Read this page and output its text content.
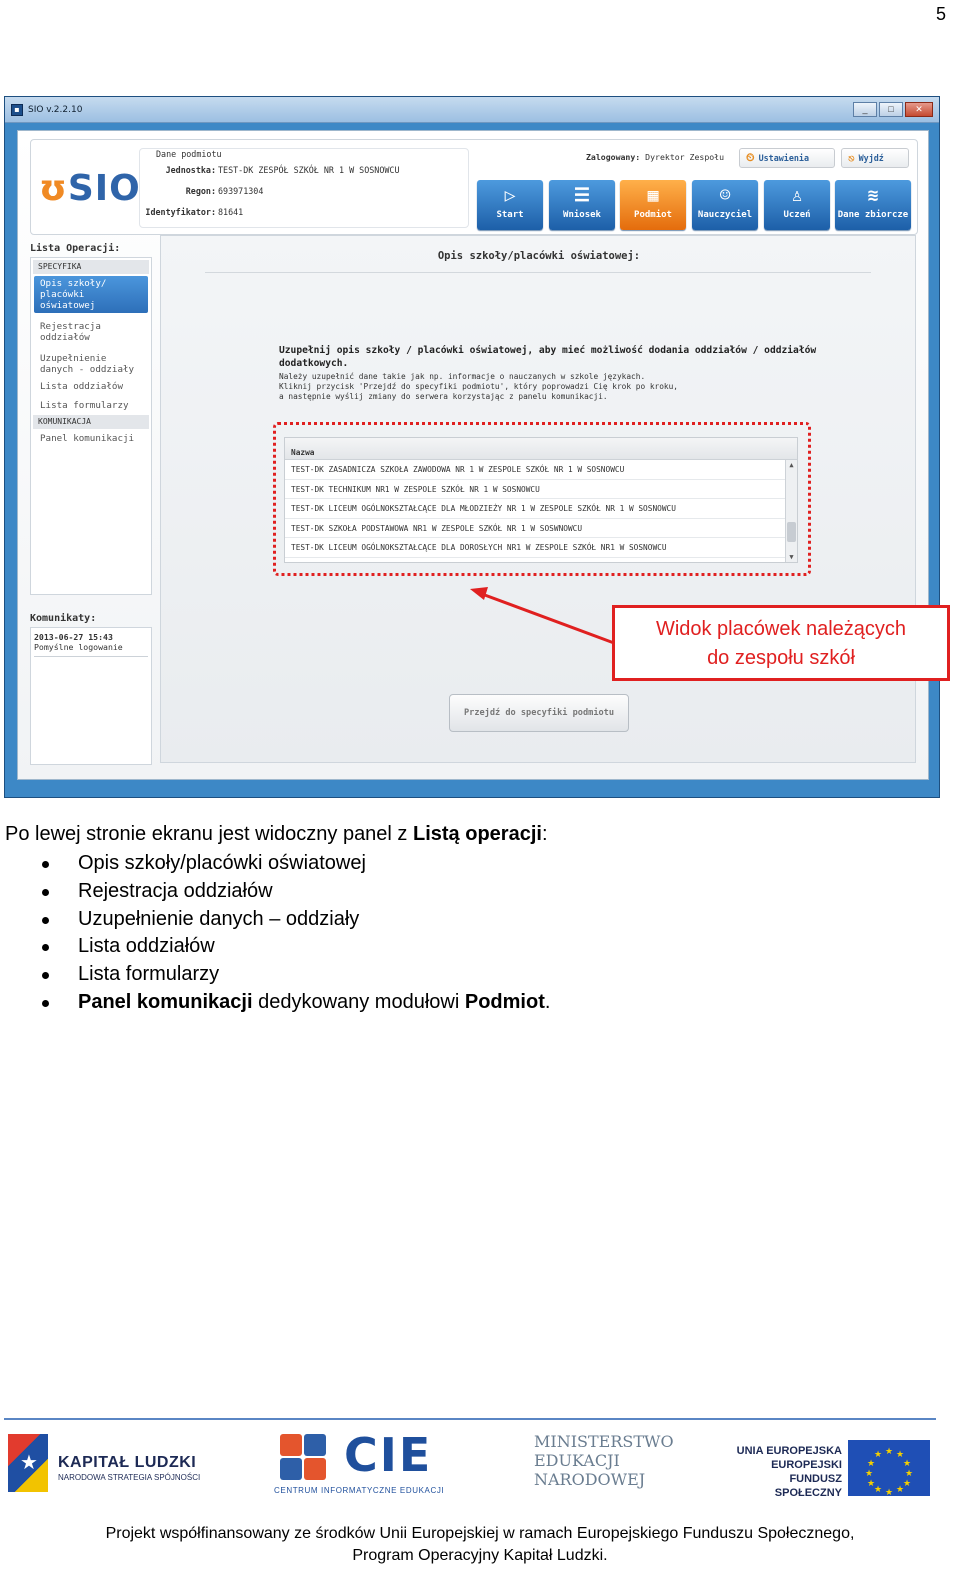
5
▪ SIO v.2.2.10	_	□	✕
ʊSIO
Dane podmiotu
Jednostka: TEST-DK ZESPÓŁ SZKÓŁ NR 1 W SOSNOWCU
Regon: 693971304
Identyfikator: 81641
Zalogowany: Dyrektor Zespołu ⏲ Ustawienia	⎋ Wyjdź
▷
Start
☰
Wniosek
▦
Podmiot
☺
Nauczyciel
♙
Uczeń
≋
Dane zbiorcze
Lista Operacji:
SPECYFIKA
Opis szkoły/ placówki oświatowej
Rejestracja oddziałów
Uzupełnienie danych - oddziały
Lista oddziałów
Lista formularzy
KOMUNIKACJA
Panel komunikacji
Komunikaty:
2013-06-27 15:43
Pomyślne logowanie
Opis szkoły/placówki oświatowej:
Uzupełnij opis szkoły / placówki oświatowej, aby mieć możliwość dodania oddziałów / oddziałów dodatkowych.
Należy uzupełnić dane takie jak np. informacje o nauczanych w szkole językach.
Kliknij przycisk 'Przejdź do specyfiki podmiotu', który poprowadzi Cię krok po kroku,
a następnie wyślij zmiany do serwera korzystając z panelu komunikacji.
Nazwa
TEST-DK ZASADNICZA SZKOŁA ZAWODOWA NR 1 W ZESPOLE SZKÓŁ NR 1 W SOSNOWCU
TEST-DK TECHNIKUM NR1 W ZESPOLE SZKÓŁ NR 1 W SOSNOWCU
TEST-DK LICEUM OGÓLNOKSZTAŁCĄCE DLA MŁODZIEŻY NR 1 W ZESPOLE SZKÓŁ NR 1 W SOSNOWCU
TEST-DK SZKOŁA PODSTAWOWA NR1 W ZESPOLE SZKÓŁ NR 1 W SOSWNOWCU
TEST-DK LICEUM OGÓLNOKSZTAŁCĄCE DLA DOROSŁYCH NR1 W ZESPOLE SZKÓŁ NR1 W SOSNOWCU
▲
▼
Przejdź do specyfiki podmiotu
Widok placówek należących
do zespołu szkół
Po lewej stronie ekranu jest widoczny panel z Listą operacji:
Opis szkoły/placówki oświatowej
Rejestracja oddziałów
Uzupełnienie danych – oddziały
Lista oddziałów
Lista formularzy
Panel komunikacji dedykowany modułowi Podmiot.
★ KAPITAŁ LUDZKI
NARODOWA STRATEGIA SPÓJNOŚCI	CIE
CENTRUM INFORMATYCZNE EDUKACJI
MINISTERSTWO
EDUKACJI
NARODOWEJ
UNIA EUROPEJSKA
EUROPEJSKI
FUNDUSZ SPOŁECZNY
★ ★
★
★
★
★
★
★
★
★
★
★
Projekt współfinansowany ze środków Unii Europejskiej w ramach Europejskiego Funduszu Społecznego,
Program Operacyjny Kapitał Ludzki.
